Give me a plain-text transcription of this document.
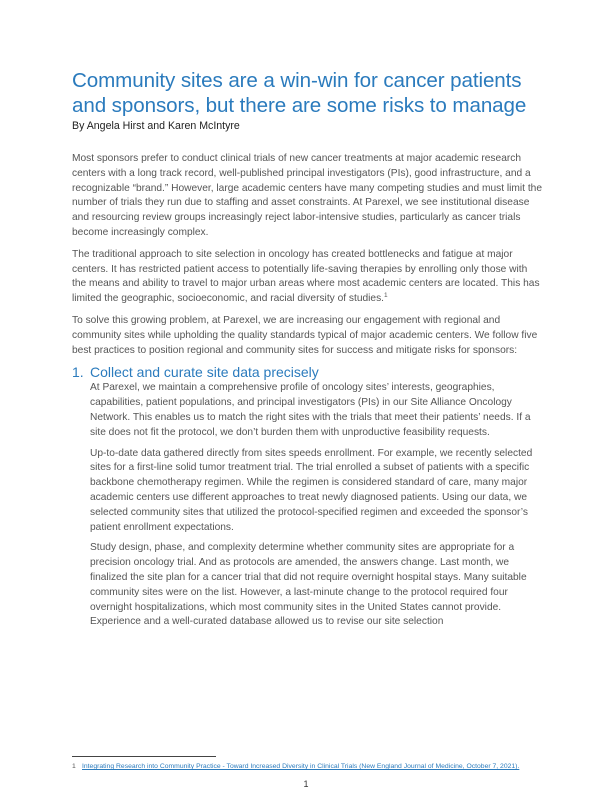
Community sites are a win-win for cancer patients and sponsors, but there are some risks to manage
By Angela Hirst and Karen McIntyre

Most sponsors prefer to conduct clinical trials of new cancer treatments at major academic research centers with a long track record, well-published principal investigators (PIs), good infrastructure, and a recognizable “brand.” However, large academic centers have many competing studies and must limit the number of trials they run due to staffing and asset constraints. At Parexel, we see institutional disease and resourcing review groups increasingly reject labor-intensive studies, particularly as cancer trials become increasingly complex.

The traditional approach to site selection in oncology has created bottlenecks and fatigue at major centers. It has restricted patient access to potentially life-saving therapies by enrolling only those with the means and ability to travel to major urban areas where most academic centers are located. This has limited the geographic, socioeconomic, and racial diversity of studies.$^1$

To solve this growing problem, at Parexel, we are increasing our engagement with regional and community sites while upholding the quality standards typical of major academic centers. We follow five best practices to position regional and community sites for success and mitigate risks for sponsors:

1. Collect and curate site data precisely

At Parexel, we maintain a comprehensive profile of oncology sites’ interests, geographies, capabilities, patient populations, and principal investigators (PIs) in our Site Alliance Oncology Network. This enables us to match the right sites with the trials that meet their patients’ needs. If a site does not fit the protocol, we don’t burden them with unproductive feasibility requests.

Up-to-date data gathered directly from sites speeds enrollment. For example, we recently selected sites for a first-line solid tumor treatment trial. The trial enrolled a subset of patients with a specific backbone chemotherapy regimen. While the regimen is considered standard of care, many major academic centers use different approaches to treat newly diagnosed patients. Using our data, we selected community sites that utilized the protocol-specified regimen and exceeded the sponsor’s patient enrollment expectations.

Study design, phase, and complexity determine whether community sites are appropriate for a precision oncology trial. And as protocols are amended, the answers change. Last month, we finalized the site plan for a cancer trial that did not require overnight hospital stays. Many suitable community sites were on the list. However, a last-minute change to the protocol required four overnight hospitalizations, which most community sites in the United States cannot provide. Experience and a well-curated database allowed us to revise our site selection

1 Integrating Research into Community Practice - Toward Increased Diversity in Clinical Trials (New England Journal of Medicine, October 7, 2021).
1
